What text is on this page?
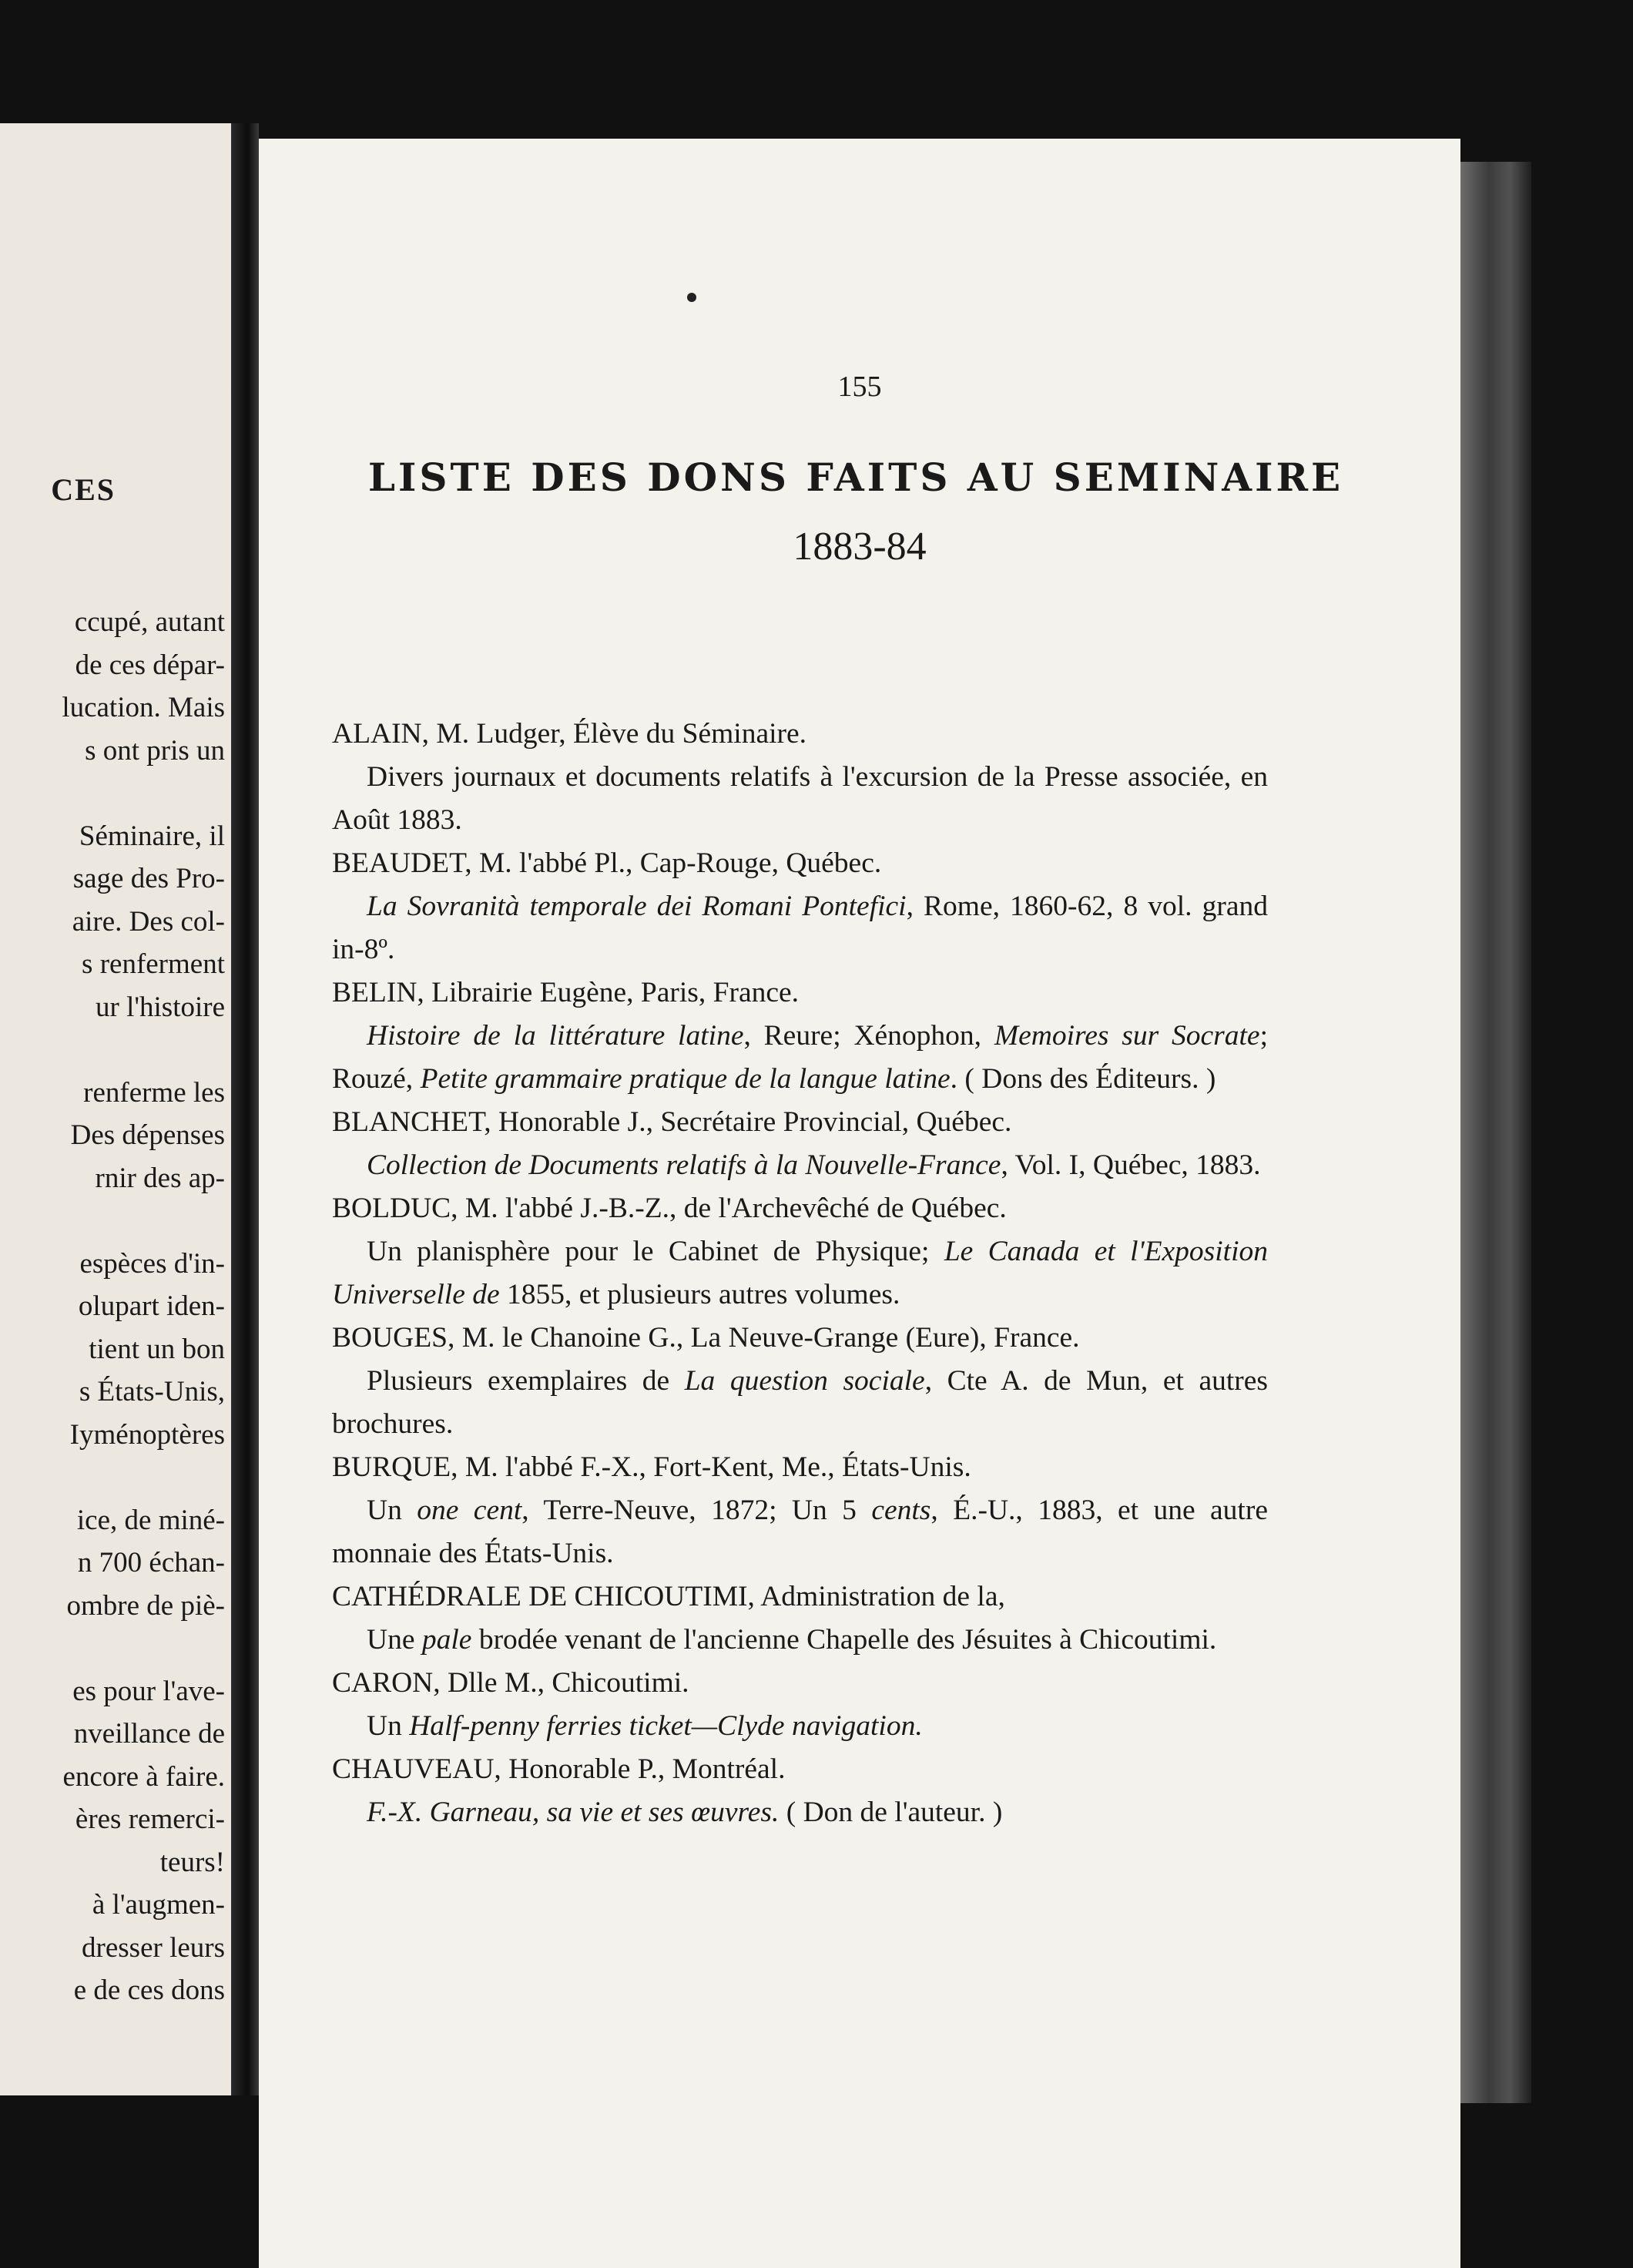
CES
ccupé, autant
de ces dépar-
lucation. Mais
s ont pris un
Séminaire, il
sage des Pro-
aire. Des col-
s renferment
ur l'histoire
renferme les
Des dépenses
rnir des ap-
espèces d'in-
olupart iden-
tient un bon
s États-Unis,
Iyménoptères
ice, de miné-
n 700 échan-
ombre de piè-
es pour l'ave-
nveillance de
encore à faire.
ères remerci-
teurs!
à l'augmen-
dresser leurs
e de ces dons
155
LISTE DES DONS FAITS AU SEMINAIRE
1883-84

ALAIN, M. Ludger, Élève du Séminaire.

Divers journaux et documents relatifs à l'excursion de la Presse associée, en Août 1883.

BEAUDET, M. l'abbé Pl., Cap-Rouge, Québec.

La Sovranità temporale dei Romani Pontefici, Rome, 1860-62, 8 vol. grand in-8º.

BELIN, Librairie Eugène, Paris, France.

Histoire de la littérature latine, Reure; Xénophon, Memoires sur Socrate; Rouzé, Petite grammaire pratique de la langue latine. ( Dons des Éditeurs. )

BLANCHET, Honorable J., Secrétaire Provincial, Québec.

Collection de Documents relatifs à la Nouvelle-France, Vol. I, Québec, 1883.

BOLDUC, M. l'abbé J.-B.-Z., de l'Archevêché de Québec.

Un planisphère pour le Cabinet de Physique; Le Canada et l'Exposition Universelle de 1855, et plusieurs autres volumes.

BOUGES, M. le Chanoine G., La Neuve-Grange (Eure), France.

Plusieurs exemplaires de La question sociale, Cte A. de Mun, et autres brochures.

BURQUE, M. l'abbé F.-X., Fort-Kent, Me., États-Unis.

Un one cent, Terre-Neuve, 1872; Un 5 cents, É.-U., 1883, et une autre monnaie des États-Unis.

CATHÉDRALE DE CHICOUTIMI, Administration de la,

Une pale brodée venant de l'ancienne Chapelle des Jésuites à Chicoutimi.

CARON, Dlle M., Chicoutimi.

Un Half-penny ferries ticket—Clyde navigation.

CHAUVEAU, Honorable P., Montréal.

F.-X. Garneau, sa vie et ses œuvres. ( Don de l'auteur. )
